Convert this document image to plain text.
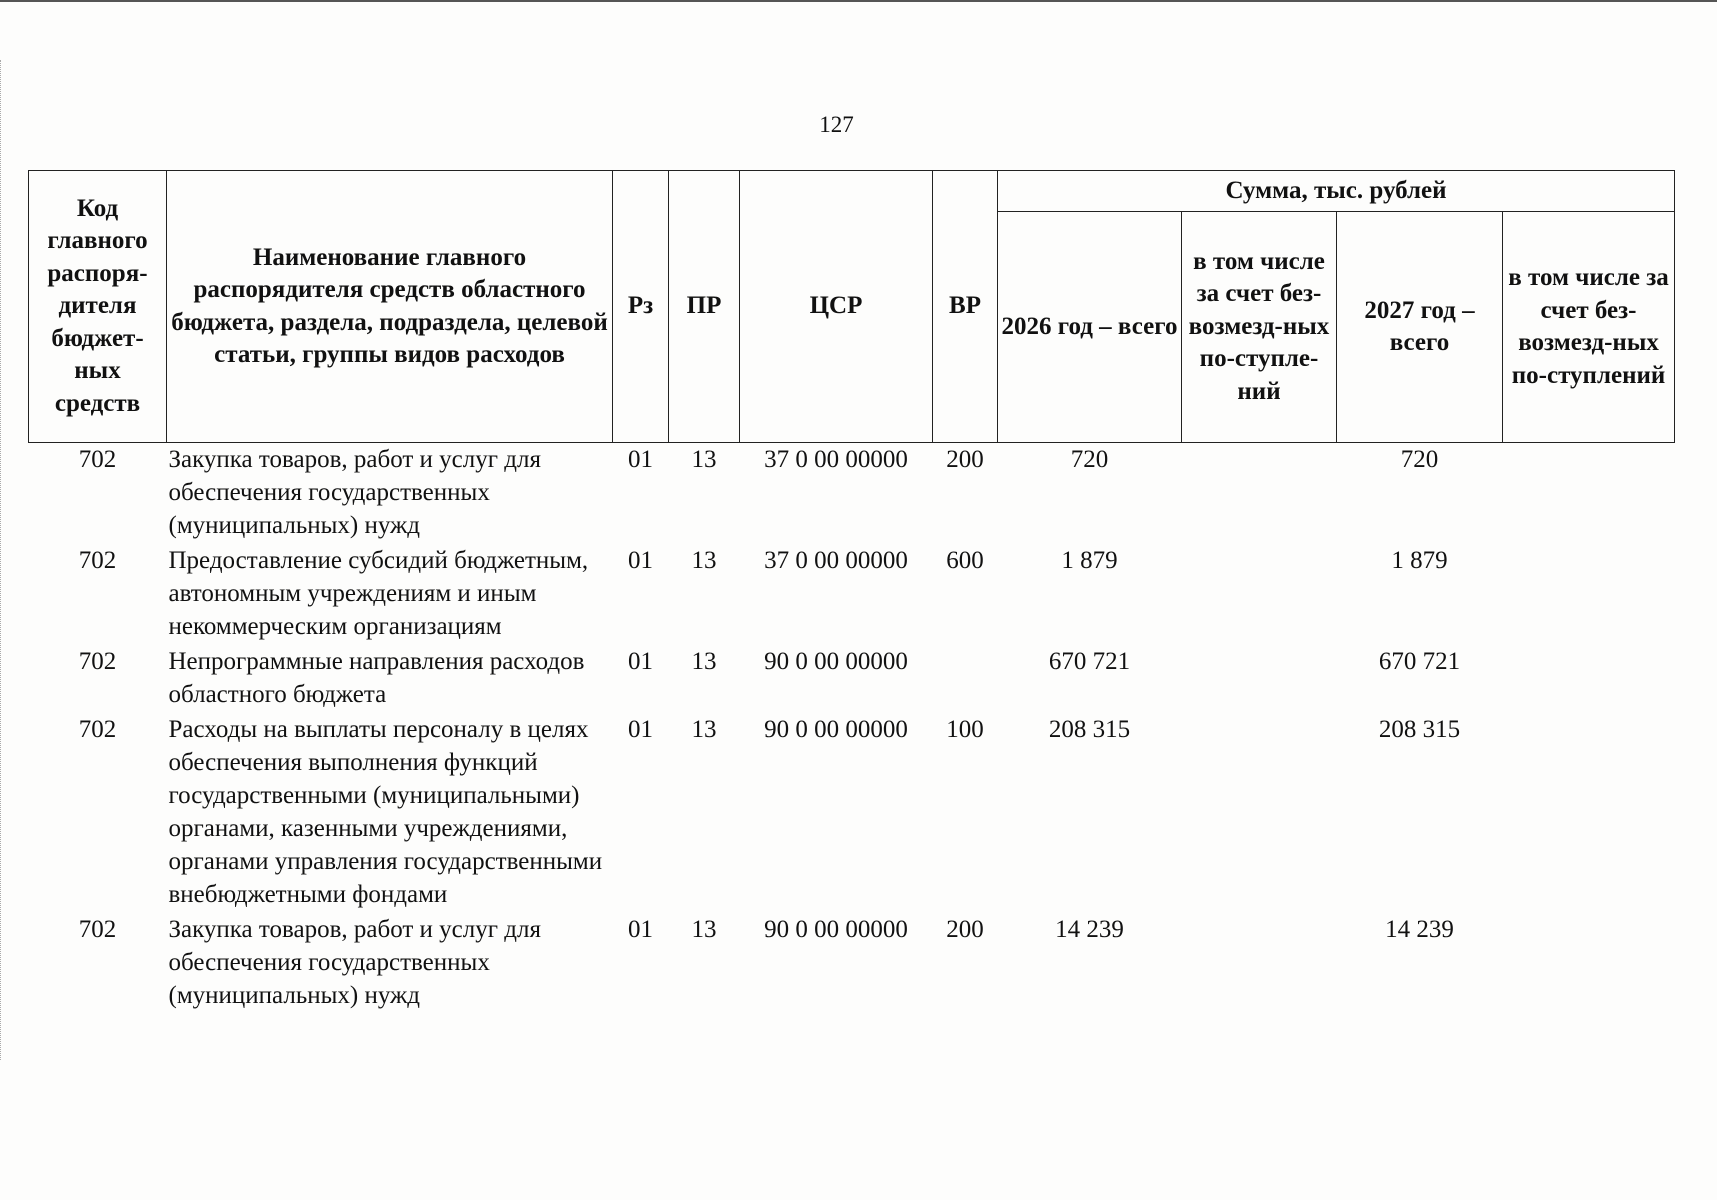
127
Код главного распоря-дителя бюджет-ных средств	Наименование главного распорядителя средств областного бюджета, раздела, подраздела, целевой статьи, группы видов расходов	Рз	ПР	ЦСР	ВР	Сумма, тыс. рублей			
						2026 год – всего	в том числе за счет без-возмезд-ных по-ступле-ний	2027 год – всего	в том числе за счет без-возмезд-ных по-ступлений
702	Закупка товаров, работ и услуг для обеспечения государственных (муниципальных) нужд	01	13	37 0 00 00000	200	720		720	
702	Предоставление субсидий бюджетным, автономным учреждениям и иным некоммерческим организациям	01	13	37 0 00 00000	600	1 879		1 879	
702	Непрограммные направления расходов областного бюджета	01	13	90 0 00 00000		670 721		670 721	
702	Расходы на выплаты персоналу в целях обеспечения выполнения функций государственными (муниципальными) органами, казенными учреждениями, органами управления государственными внебюджетными фондами	01	13	90 0 00 00000	100	208 315		208 315	
702	Закупка товаров, работ и услуг для обеспечения государственных (муниципальных) нужд	01	13	90 0 00 00000	200	14 239		14 239	
